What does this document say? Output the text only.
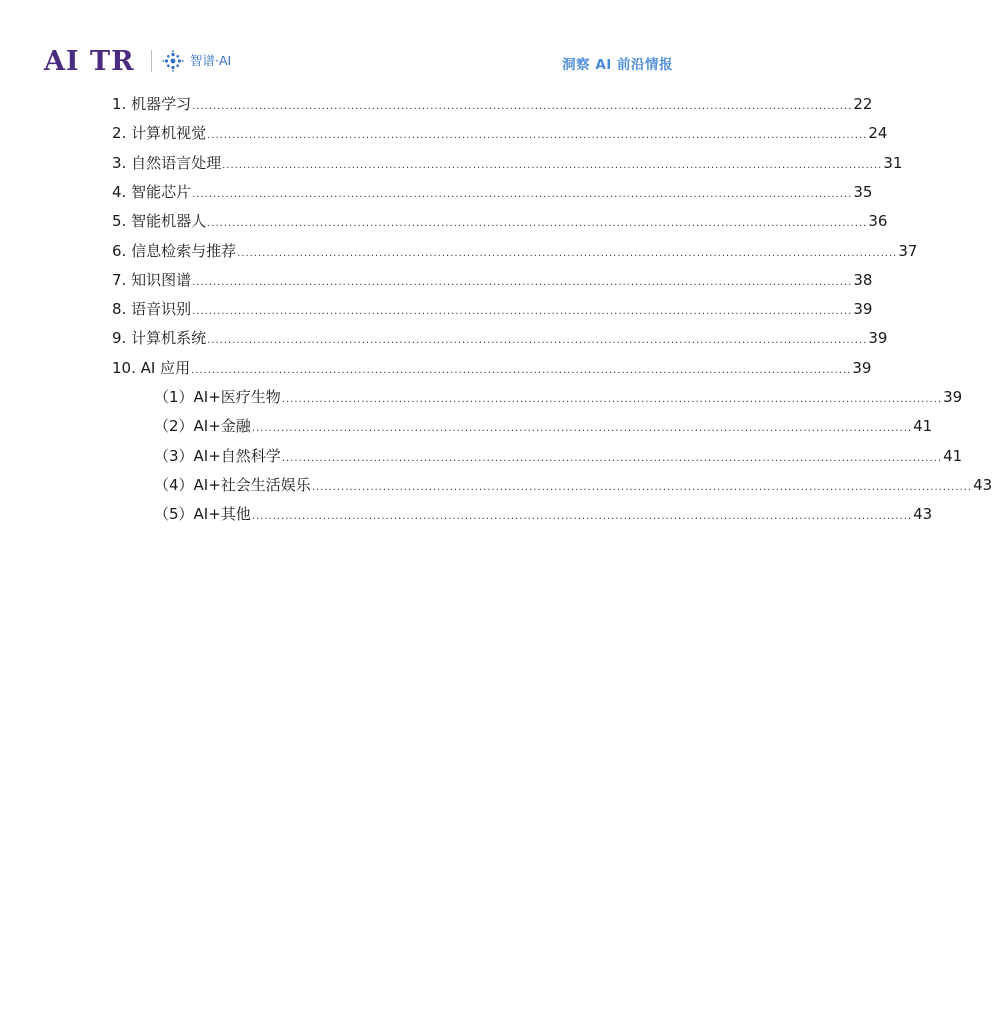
AI TR	智谱·AI	洞察 AI 前沿情报
1. 机器学习 .............................................................................................................................................................. 22
2. 计算机视觉 .............................................................................................................................................................. 24
3. 自然语言处理 .............................................................................................................................................................. 31
4. 智能芯片 .............................................................................................................................................................. 35
5. 智能机器人 .............................................................................................................................................................. 36
6. 信息检索与推荐 .............................................................................................................................................................. 37
7. 知识图谱 .............................................................................................................................................................. 38
8. 语音识别 .............................................................................................................................................................. 39
9. 计算机系统 .............................................................................................................................................................. 39
10. AI 应用 .............................................................................................................................................................. 39
（1）AI+医疗生物 .............................................................................................................................................................. 39
（2）AI+金融 .............................................................................................................................................................. 41
（3）AI+自然科学 .............................................................................................................................................................. 41
（4）AI+社会生活娱乐 .............................................................................................................................................................. 43
（5）AI+其他 .............................................................................................................................................................. 43
